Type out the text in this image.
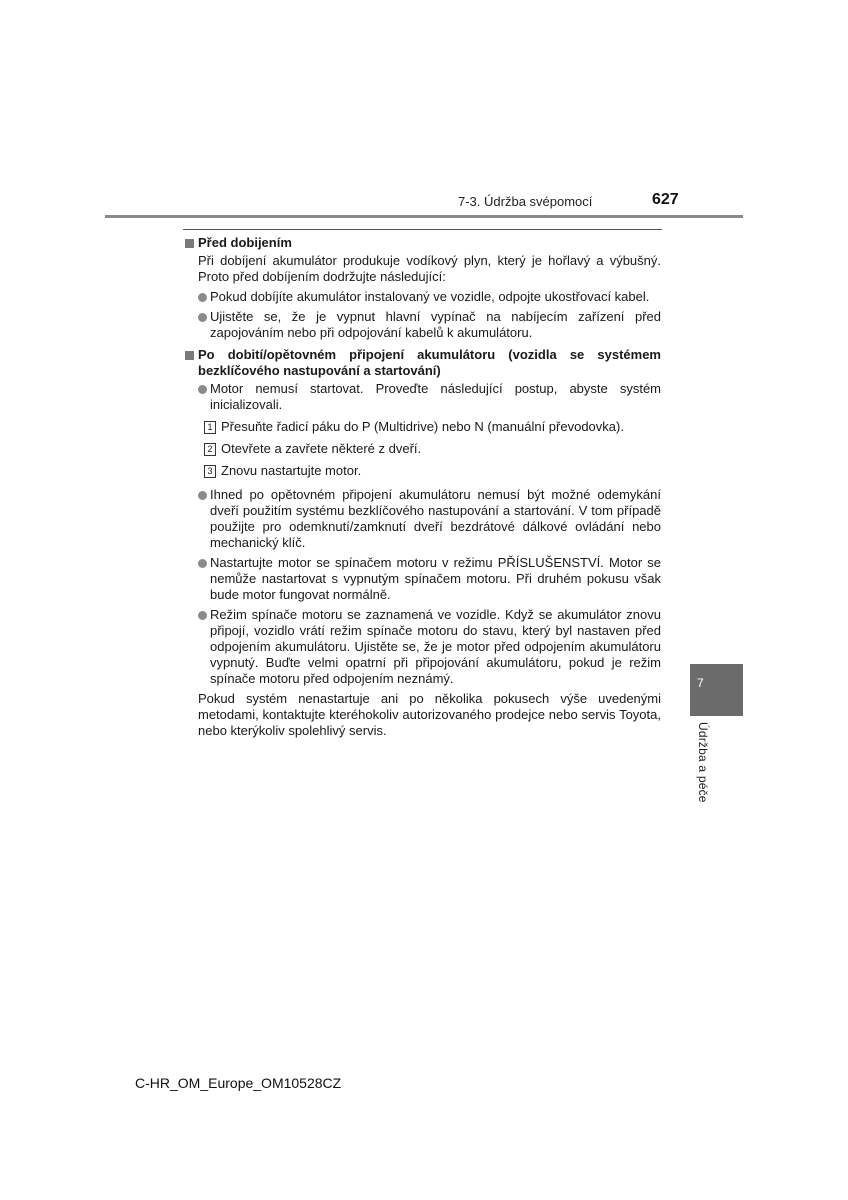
7-3. Údržba svépomocí	627

Před dobijením

Při dobíjení akumulátor produkuje vodíkový plyn, který je hořlavý a výbušný. Proto před dobíjením dodržujte následující:

Pokud dobíjíte akumulátor instalovaný ve vozidle, odpojte ukostřovací kabel.

Ujistěte se, že je vypnut hlavní vypínač na nabíjecím zařízení před zapojováním nebo při odpojování kabelů k akumulátoru.

Po dobití/opětovném připojení akumulátoru (vozidla se systémem bezklíčového nastupování a startování)

Motor nemusí startovat. Proveďte následující postup, abyste systém inicializovali.

1 Přesuňte řadicí páku do P (Multidrive) nebo N (manuální převodovka).

2 Otevřete a zavřete některé z dveří.

3 Znovu nastartujte motor.

Ihned po opětovném připojení akumulátoru nemusí být možné odemykání dveří použitím systému bezklíčového nastupování a startování. V tom případě použijte pro odemknutí/zamknutí dveří bezdrátové dálkové ovládání nebo mechanický klíč.

Nastartujte motor se spínačem motoru v režimu PŘÍSLUŠENSTVÍ. Motor se nemůže nastartovat s vypnutým spínačem motoru. Při druhém pokusu však bude motor fungovat normálně.

Režim spínače motoru se zaznamená ve vozidle. Když se akumulátor znovu připojí, vozidlo vrátí režim spínače motoru do stavu, který byl nastaven před odpojením akumulátoru. Ujistěte se, že je motor před odpojením akumulátoru vypnutý. Buďte velmi opatrní při připojování akumulátoru, pokud je režim spínače motoru před odpojením neznámý.

Pokud systém nenastartuje ani po několika pokusech výše uvedenými metodami, kontaktujte kteréhokoliv autorizovaného prodejce nebo servis Toyota, nebo kterýkoliv spolehlivý servis.

7
Údržba a péče
C-HR_OM_Europe_OM10528CZ
